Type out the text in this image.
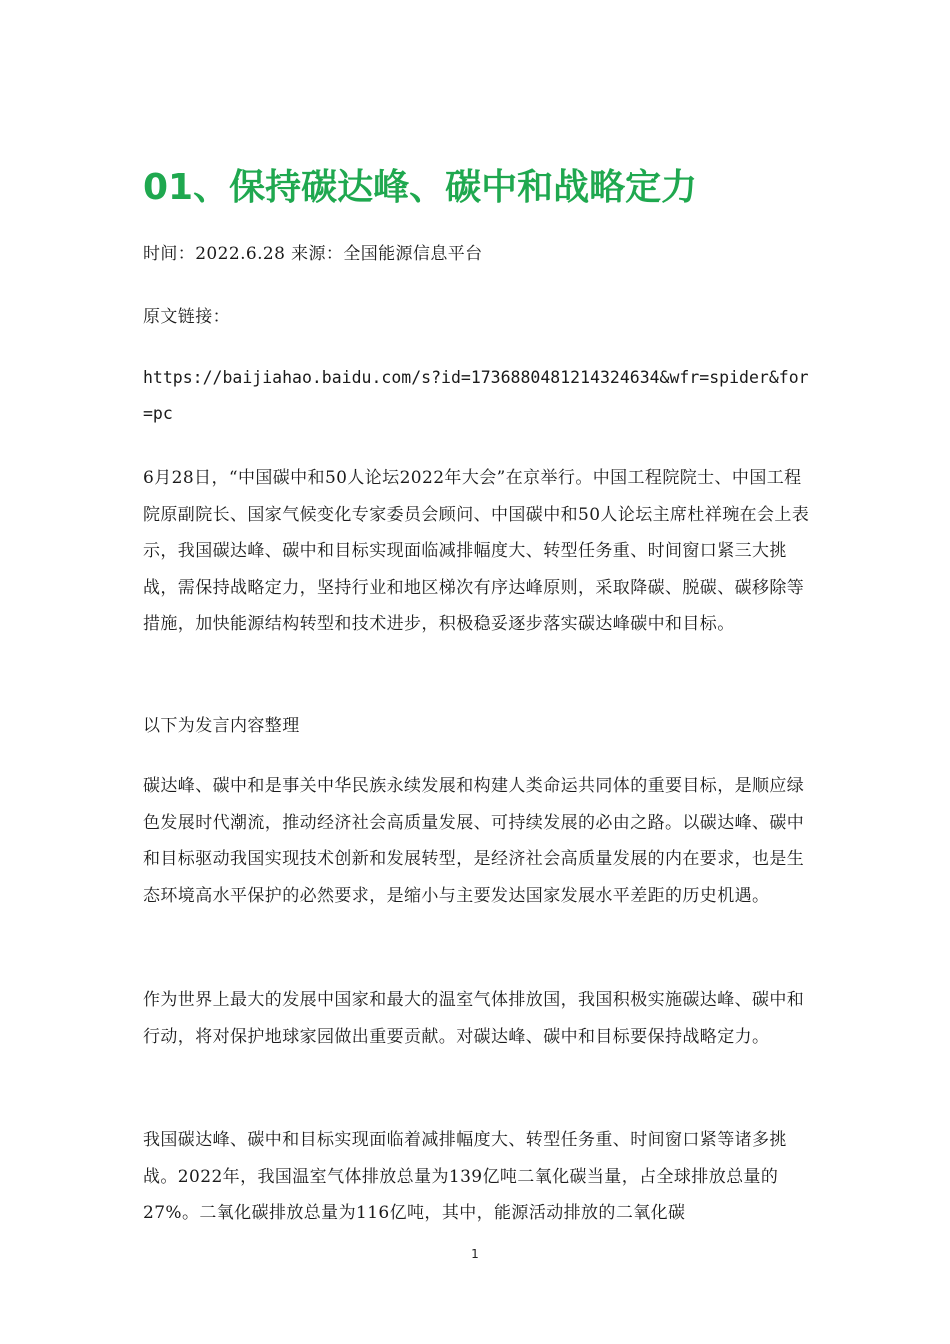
01、保持碳达峰、碳中和战略定力

时间：2022.6.28 来源：全国能源信息平台

原文链接：

https://baijiahao.baidu.com/s?id=1736880481214324634&wfr=spider&for=pc

6月28日，“中国碳中和50人论坛2022年大会”在京举行。中国工程院院士、中国工程院原副院长、国家气候变化专家委员会顾问、中国碳中和50人论坛主席杜祥琬在会上表示，我国碳达峰、碳中和目标实现面临减排幅度大、转型任务重、时间窗口紧三大挑战，需保持战略定力，坚持行业和地区梯次有序达峰原则，采取降碳、脱碳、碳移除等措施，加快能源结构转型和技术进步，积极稳妥逐步落实碳达峰碳中和目标。

以下为发言内容整理

碳达峰、碳中和是事关中华民族永续发展和构建人类命运共同体的重要目标，是顺应绿色发展时代潮流，推动经济社会高质量发展、可持续发展的必由之路。以碳达峰、碳中和目标驱动我国实现技术创新和发展转型，是经济社会高质量发展的内在要求，也是生态环境高水平保护的必然要求，是缩小与主要发达国家发展水平差距的历史机遇。

作为世界上最大的发展中国家和最大的温室气体排放国，我国积极实施碳达峰、碳中和行动，将对保护地球家园做出重要贡献。对碳达峰、碳中和目标要保持战略定力。

我国碳达峰、碳中和目标实现面临着减排幅度大、转型任务重、时间窗口紧等诸多挑战。2022年，我国温室气体排放总量为139亿吨二氧化碳当量，占全球排放总量的27%。二氧化碳排放总量为116亿吨，其中，能源活动排放的二氧化碳

1
